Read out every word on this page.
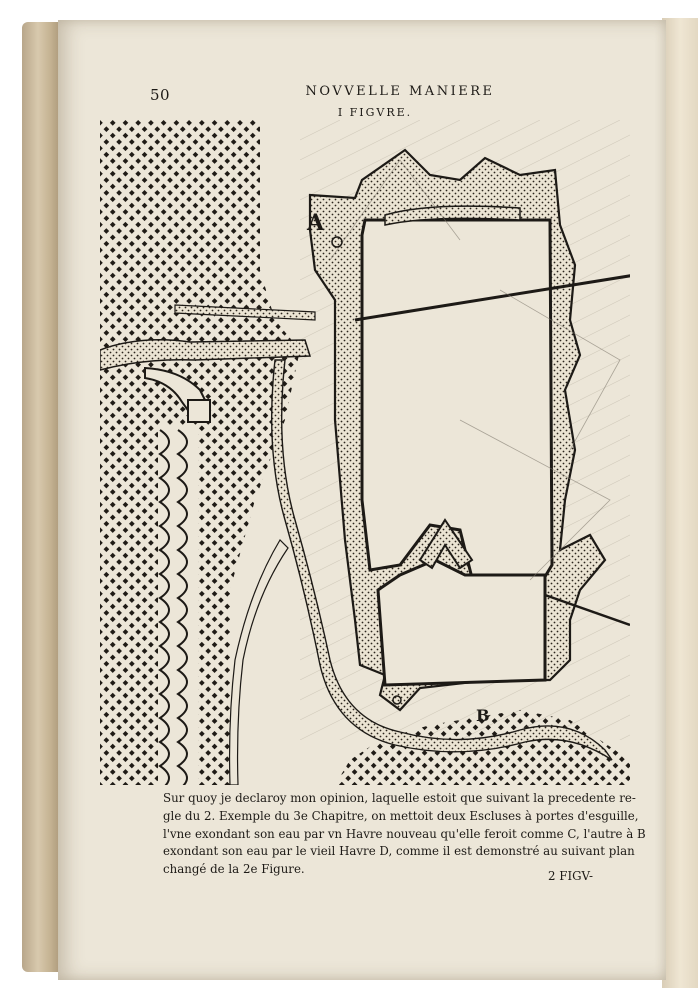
50	NOVVELLE MANIERE
I FIGVRE.
A
B
Sur quoy je declaroy mon opinion, laquelle estoit que suivant la precedente re-
gle du 2. Exemple du 3e Chapitre, on mettoit deux Escluses à portes d'esguille,
l'vne exondant son eau par vn Havre nouveau qu'elle feroit comme C, l'autre à B
exondant son eau par le vieil Havre D, comme il est demonstré au suivant plan
changé de la 2e Figure.	2 FIGV-
